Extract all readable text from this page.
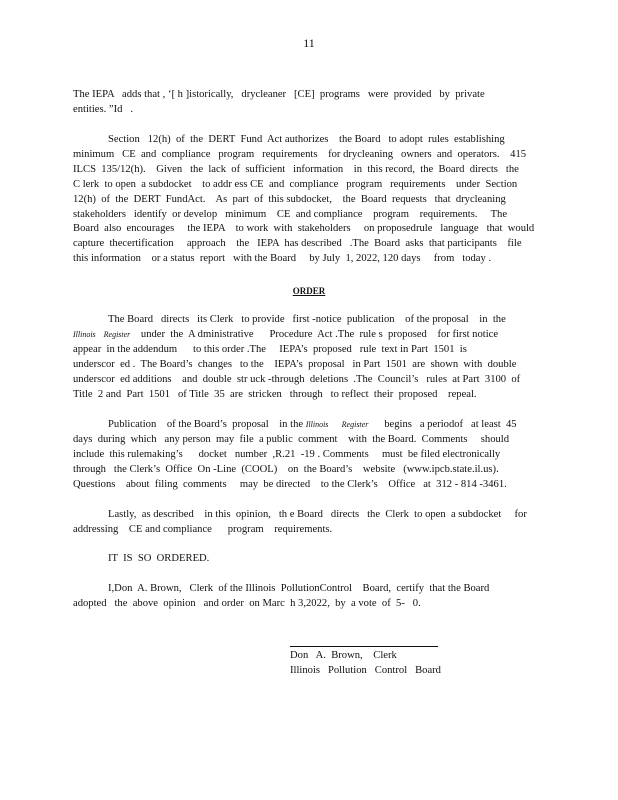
11
The IEPA   adds that , ‘[ h ]istorically,   drycleaner   [CE]  programs   were  provided   by  private
entities. ”Id   .
Section   12(h)  of  the  DERT  Fund  Act authorizes    the Board   to adopt  rules  establishing
minimum   CE  and  compliance   program   requirements    for drycleaning   owners  and  operators.    415
ILCS  135/12(h).    Given   the  lack  of  sufficient   information    in  this record,  the  Board  directs   the
C lerk  to open  a subdocket    to addr ess CE  and  compliance   program   requirements    under  Section
12(h)  of  the  DERT  FundAct.    As  part  of  this subdocket,    the  Board  requests   that  drycleaning
stakeholders   identify  or develop   minimum    CE  and compliance    program    requirements.     The
Board  also  encourages     the IEPA    to work  with  stakeholders     on proposedrule   language   that  would
capture  thecertification     approach    the   IEPA  has described   .The  Board  asks  that participants    file
this information    or a status  report   with the Board     by July  1, 2022, 120 days     from   today .
ORDER
The Board   directs   its Clerk   to provide   first -notice  publication    of the proposal    in  the
Illinois Register    under  the  A dministrative      Procedure  Act .The  rule s  proposed    for first notice
appear  in the addendum      to this order .The     IEPA’s  proposed   rule  text in Part  1501  is
underscor  ed .  The Board’s  changes   to the    IEPA’s  proposal   in Part  1501  are  shown  with  double
underscor  ed additions    and  double  str uck -through  deletions  .The  Council’s   rules  at Part  3100  of
Title  2 and  Part  1501   of Title  35  are  stricken   through   to reflect  their  proposed    repeal.
Publication    of the Board’s  proposal    in the Illinois Register      begins   a periodof   at least  45
days  during  which   any person  may  file  a public  comment    with  the Board.  Comments     should
include  this rulemaking’s      docket   number  ,R.21  -19 . Comments     must  be filed electronically
through   the Clerk’s  Office  On -Line  (COOL)    on  the Board’s    website   (www.ipcb.state.il.us).
Questions    about  filing  comments     may  be directed    to the Clerk’s    Office   at  312 - 814 -3461.
Lastly,  as described    in this  opinion,   th e Board   directs   the  Clerk  to open  a subdocket     for
addressing    CE and compliance      program    requirements.
IT  IS  SO  ORDERED.
I,Don  A. Brown,   Clerk  of the Illinois  PollutionControl    Board,  certify  that the Board
adopted   the  above  opinion   and order  on Marc  h 3,2022,  by  a vote  of  5-   0.
Don   A.  Brown,    Clerk
Illinois   Pollution   Control   Board
